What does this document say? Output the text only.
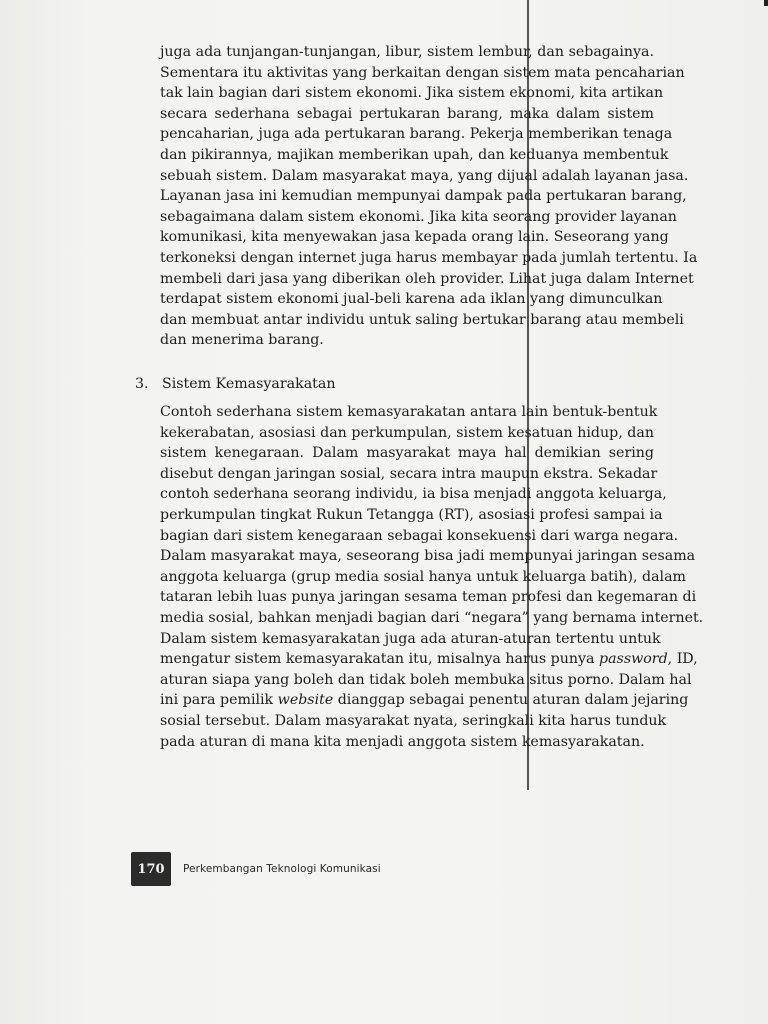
juga ada tunjangan-tunjangan, libur, sistem lembur, dan sebagainya.
Sementara itu aktivitas yang berkaitan dengan sistem mata pencaharian
tak lain bagian dari sistem ekonomi. Jika sistem ekonomi, kita artikan
secara sederhana sebagai pertukaran barang, maka dalam sistem
pencaharian, juga ada pertukaran barang. Pekerja memberikan tenaga
dan pikirannya, majikan memberikan upah, dan keduanya membentuk
sebuah sistem. Dalam masyarakat maya, yang dijual adalah layanan jasa.
Layanan jasa ini kemudian mempunyai dampak pada pertukaran barang,
sebagaimana dalam sistem ekonomi. Jika kita seorang provider layanan
komunikasi, kita menyewakan jasa kepada orang lain. Seseorang yang
terkoneksi dengan internet juga harus membayar pada jumlah tertentu. Ia
membeli dari jasa yang diberikan oleh provider. Lihat juga dalam Internet
terdapat sistem ekonomi jual-beli karena ada iklan yang dimunculkan
dan membuat antar individu untuk saling bertukar barang atau membeli
dan menerima barang.
3. Sistem Kemasyarakatan
Contoh sederhana sistem kemasyarakatan antara lain bentuk-bentuk
kekerabatan, asosiasi dan perkumpulan, sistem kesatuan hidup, dan
sistem kenegaraan. Dalam masyarakat maya hal demikian sering
disebut dengan jaringan sosial, secara intra maupun ekstra. Sekadar
contoh sederhana seorang individu, ia bisa menjadi anggota keluarga,
perkumpulan tingkat Rukun Tetangga (RT), asosiasi profesi sampai ia
bagian dari sistem kenegaraan sebagai konsekuensi dari warga negara.
Dalam masyarakat maya, seseorang bisa jadi mempunyai jaringan sesama
anggota keluarga (grup media sosial hanya untuk keluarga batih), dalam
tataran lebih luas punya jaringan sesama teman profesi dan kegemaran di
media sosial, bahkan menjadi bagian dari “negara” yang bernama internet.
Dalam sistem kemasyarakatan juga ada aturan-aturan tertentu untuk
mengatur sistem kemasyarakatan itu, misalnya harus punya password, ID,
aturan siapa yang boleh dan tidak boleh membuka situs porno. Dalam hal
ini para pemilik website dianggap sebagai penentu aturan dalam jejaring
sosial tersebut. Dalam masyarakat nyata, seringkali kita harus tunduk
pada aturan di mana kita menjadi anggota sistem kemasyarakatan.
170	Perkembangan Teknologi Komunikasi
